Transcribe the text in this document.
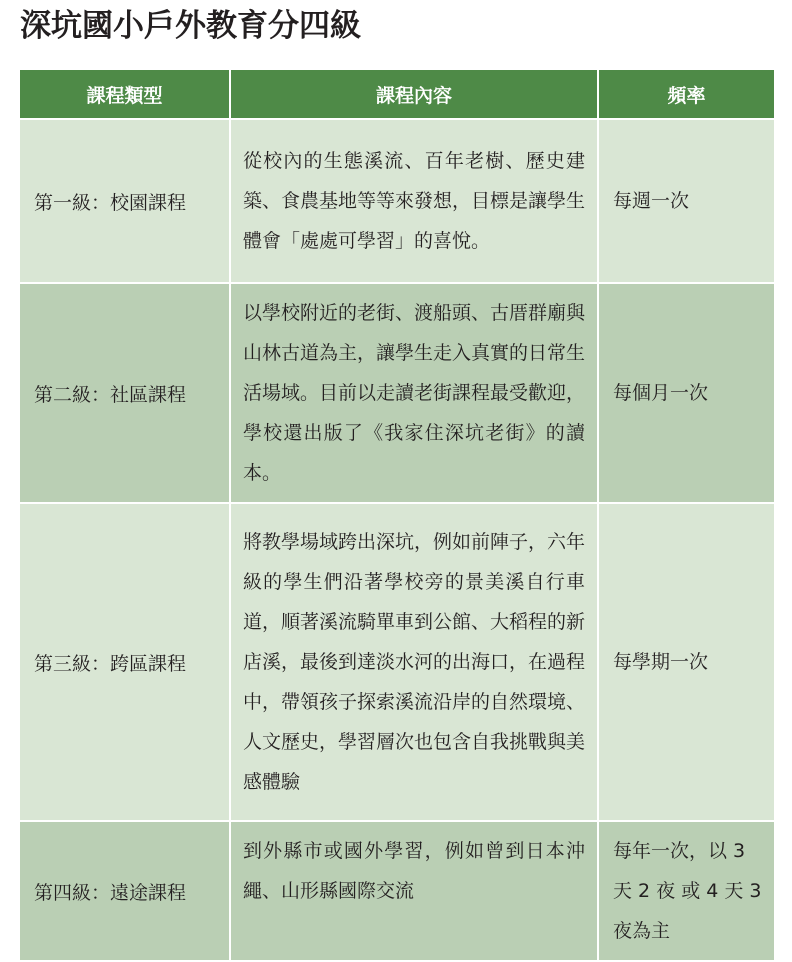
深坑國小戶外教育分四級
課程類型	課程內容	頻率
第一級：校園課程	從校內的生態溪流、百年老樹、歷史建築、食農基地等等來發想，目標是讓學生體會「處處可學習」的喜悅。	每週一次
第二級：社區課程	以學校附近的老街、渡船頭、古厝群廟與山林古道為主，讓學生走入真實的日常生活場域。目前以走讀老街課程最受歡迎，學校還出版了《我家住深坑老街》的讀本。	每個月一次
第三級：跨區課程	將教學場域跨出深坑，例如前陣子，六年級的學生們沿著學校旁的景美溪自行車道，順著溪流騎單車到公館、大稻程的新店溪，最後到達淡水河的出海口，在過程中，帶領孩子探索溪流沿岸的自然環境、人文歷史，學習層次也包含自我挑戰與美感體驗	每學期一次
第四級：遠途課程	到外縣市或國外學習，例如曾到日本沖繩、山形縣國際交流	每年一次，以 3 天 2 夜 或 4 天 3 夜為主
